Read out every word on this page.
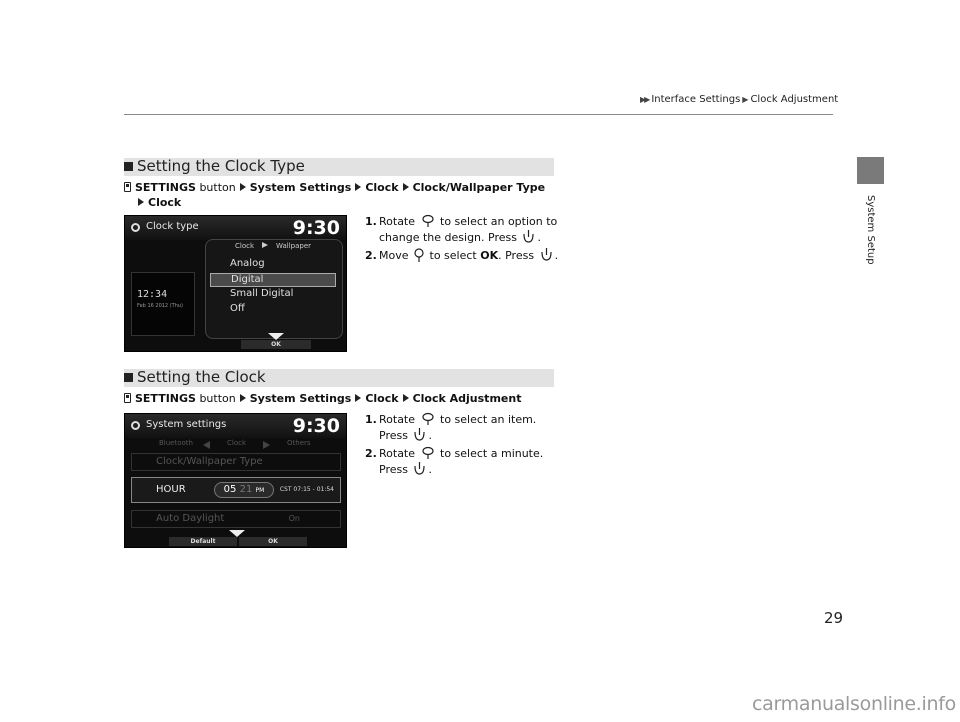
▶▶ Interface Settings ▶ Clock Adjustment
System Setup
Setting the Clock Type
SETTINGS button System Settings Clock Clock/Wallpaper Type
Clock
Clock type	9:30
12:34
Feb 16 2012 (Thu)
Clock	Wallpaper
Analog
Digital
Small Digital
Off
OK
1. Rotate to select an option to change the design. Press .
2. Move to select OK. Press .
Setting the Clock
SETTINGS button System Settings Clock Clock Adjustment
System settings	9:30
Bluetooth	Clock	Others
Clock/Wallpaper Type
HOUR	05 21 PM	CST 07:15 - 01:54
Auto Daylight	On
Default	OK
1. Rotate to select an item. Press .
2. Rotate to select a minute. Press .
29
carmanualsonline.info
